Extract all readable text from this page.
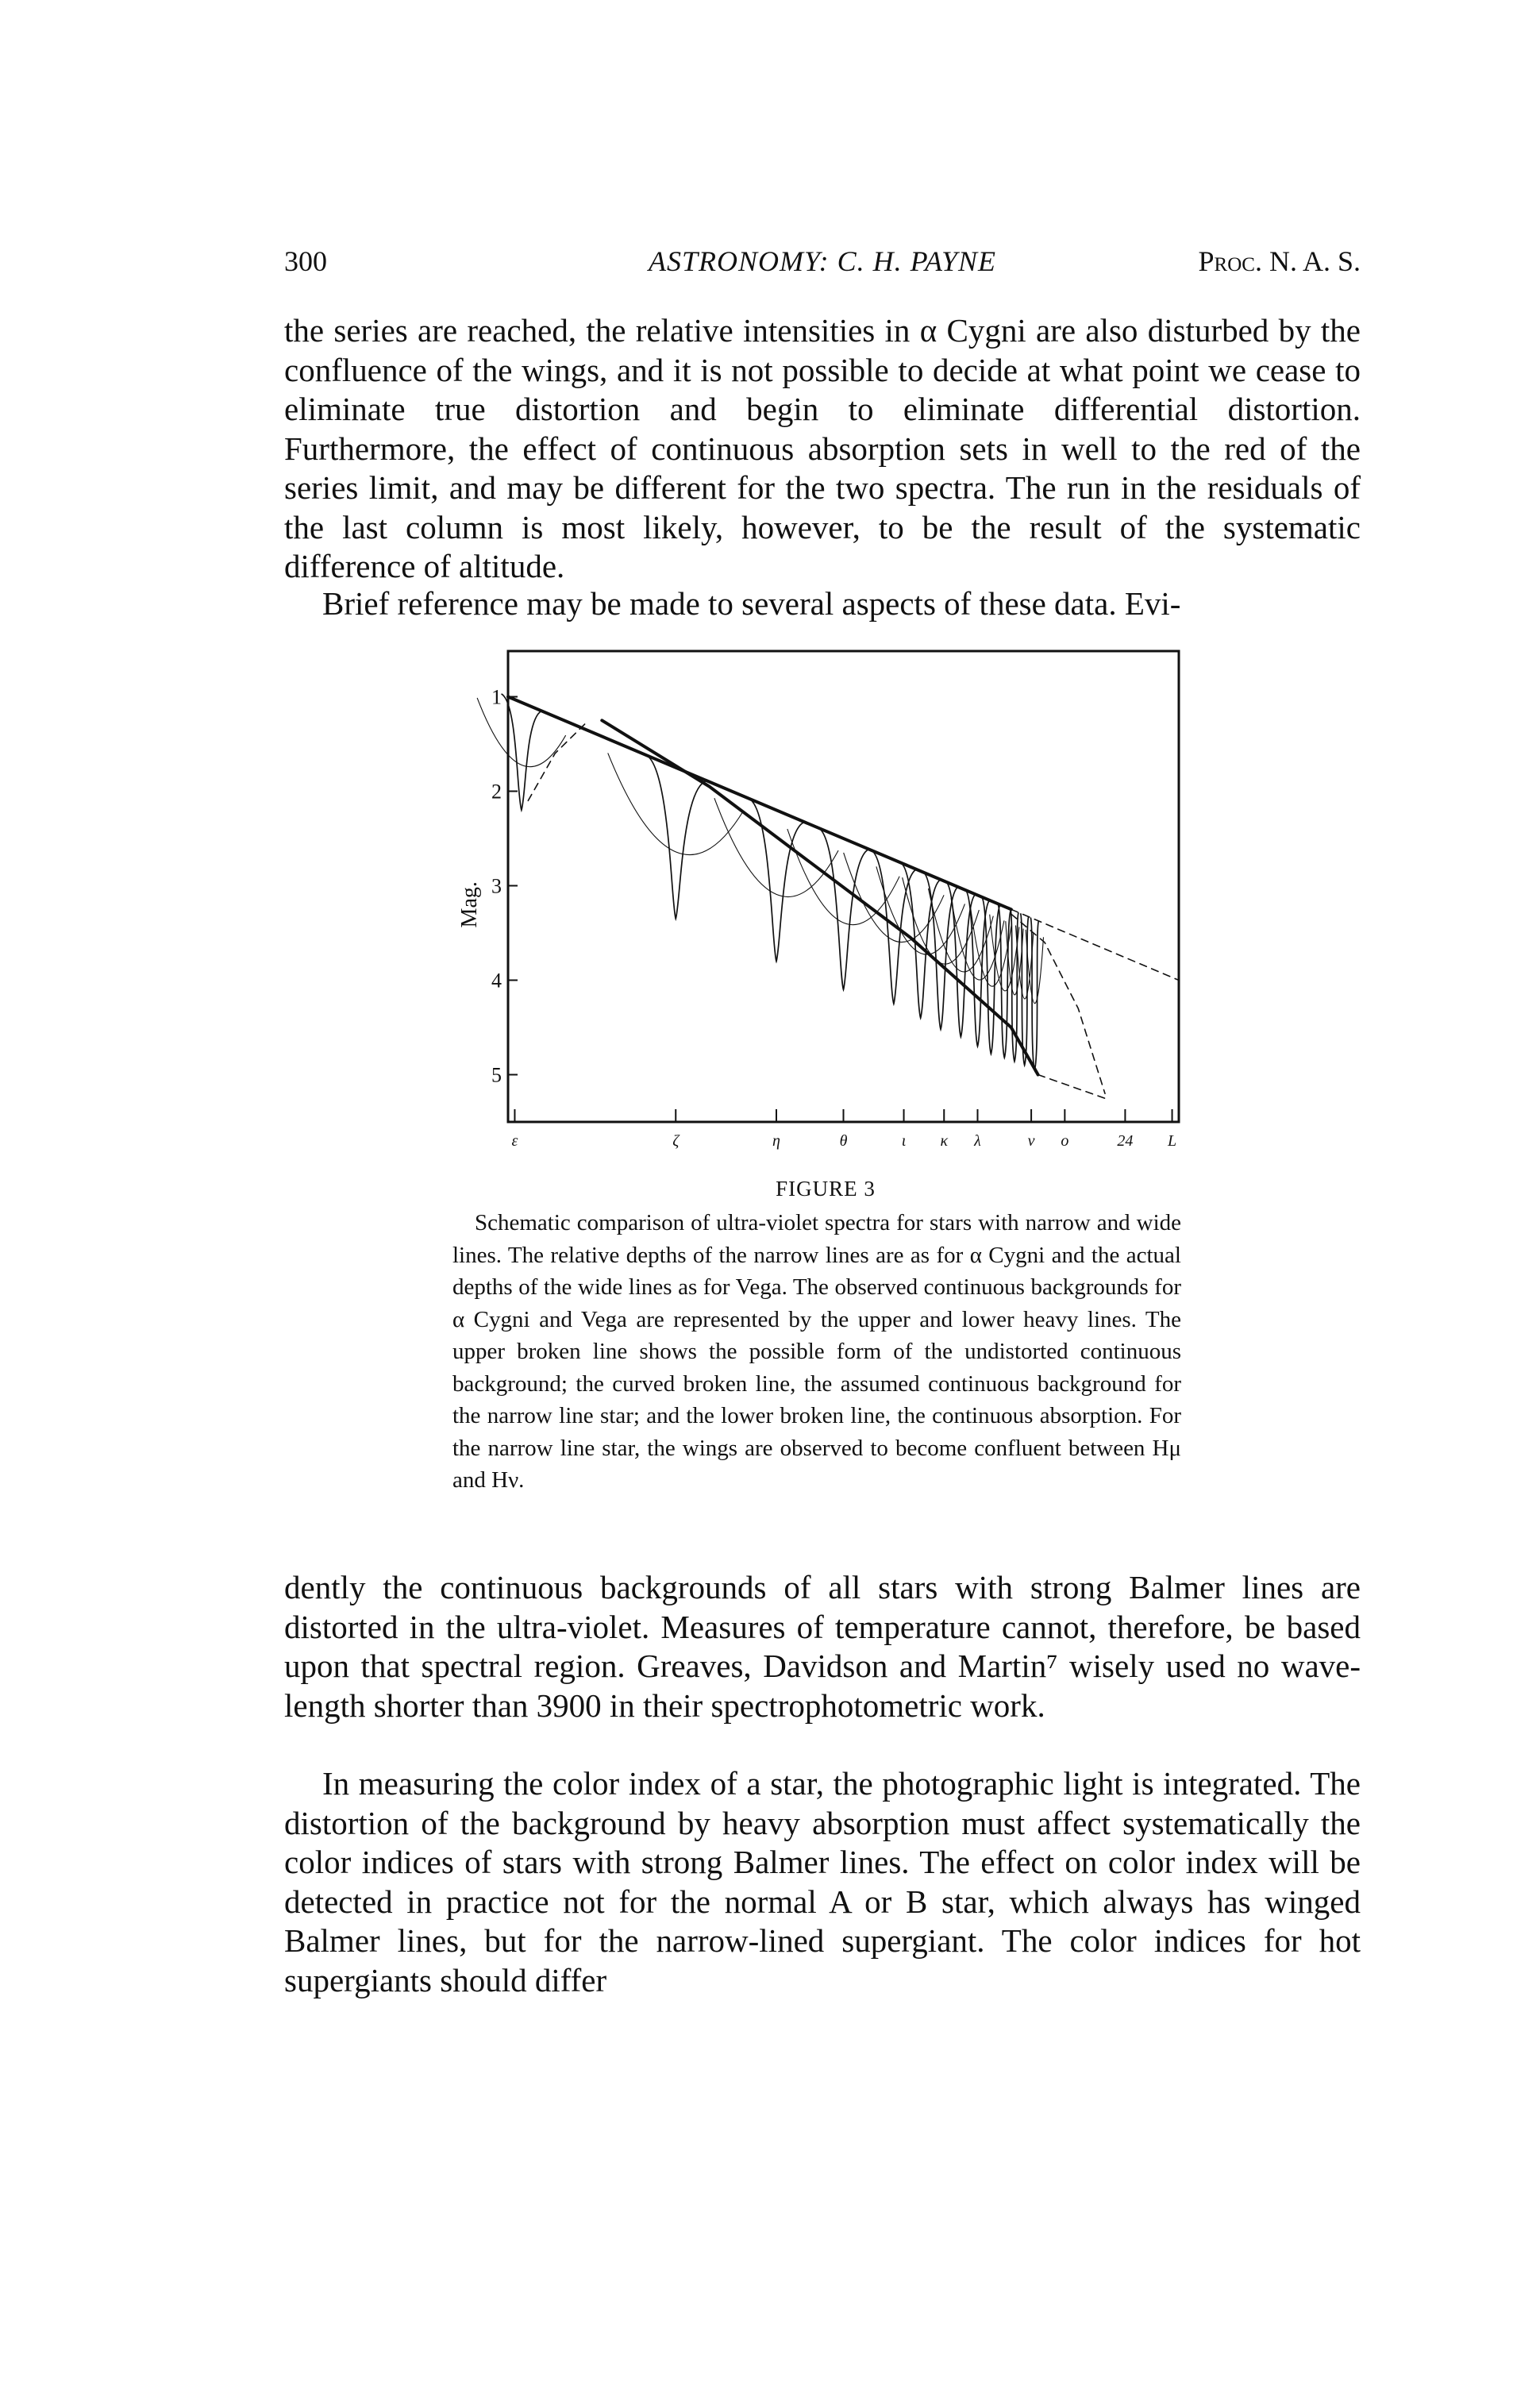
300	ASTRONOMY: C. H. PAYNE	Proc. N. A. S.

the series are reached, the relative intensities in α Cygni are also disturbed by the confluence of the wings, and it is not possible to decide at what point we cease to eliminate true distortion and begin to eliminate differential distortion. Furthermore, the effect of continuous absorption sets in well to the red of the series limit, and may be different for the two spectra. The run in the residuals of the last column is most likely, however, to be the result of the systematic difference of altitude.

Brief reference may be made to several aspects of these data. Evi-

1
2
3
4
5
Mag.
ε	ζ	η	θ	ι κ λ	ν ο	24 L
FIGURE 3

Schematic comparison of ultra-violet spectra for stars with narrow and wide lines. The relative depths of the narrow lines are as for α Cygni and the actual depths of the wide lines as for Vega. The observed continuous backgrounds for α Cygni and Vega are represented by the upper and lower heavy lines. The upper broken line shows the possible form of the undistorted continuous background; the curved broken line, the assumed continuous background for the narrow line star; and the lower broken line, the continuous absorption. For the narrow line star, the wings are observed to become confluent between Hμ and Hν.

dently the continuous backgrounds of all stars with strong Balmer lines are distorted in the ultra-violet. Measures of temperature cannot, therefore, be based upon that spectral region. Greaves, Davidson and Martin⁷ wisely used no wave-length shorter than 3900 in their spectrophotometric work.

In measuring the color index of a star, the photographic light is integrated. The distortion of the background by heavy absorption must affect systematically the color indices of stars with strong Balmer lines. The effect on color index will be detected in practice not for the normal A or B star, which always has winged Balmer lines, but for the narrow-lined supergiant. The color indices for hot supergiants should differ
